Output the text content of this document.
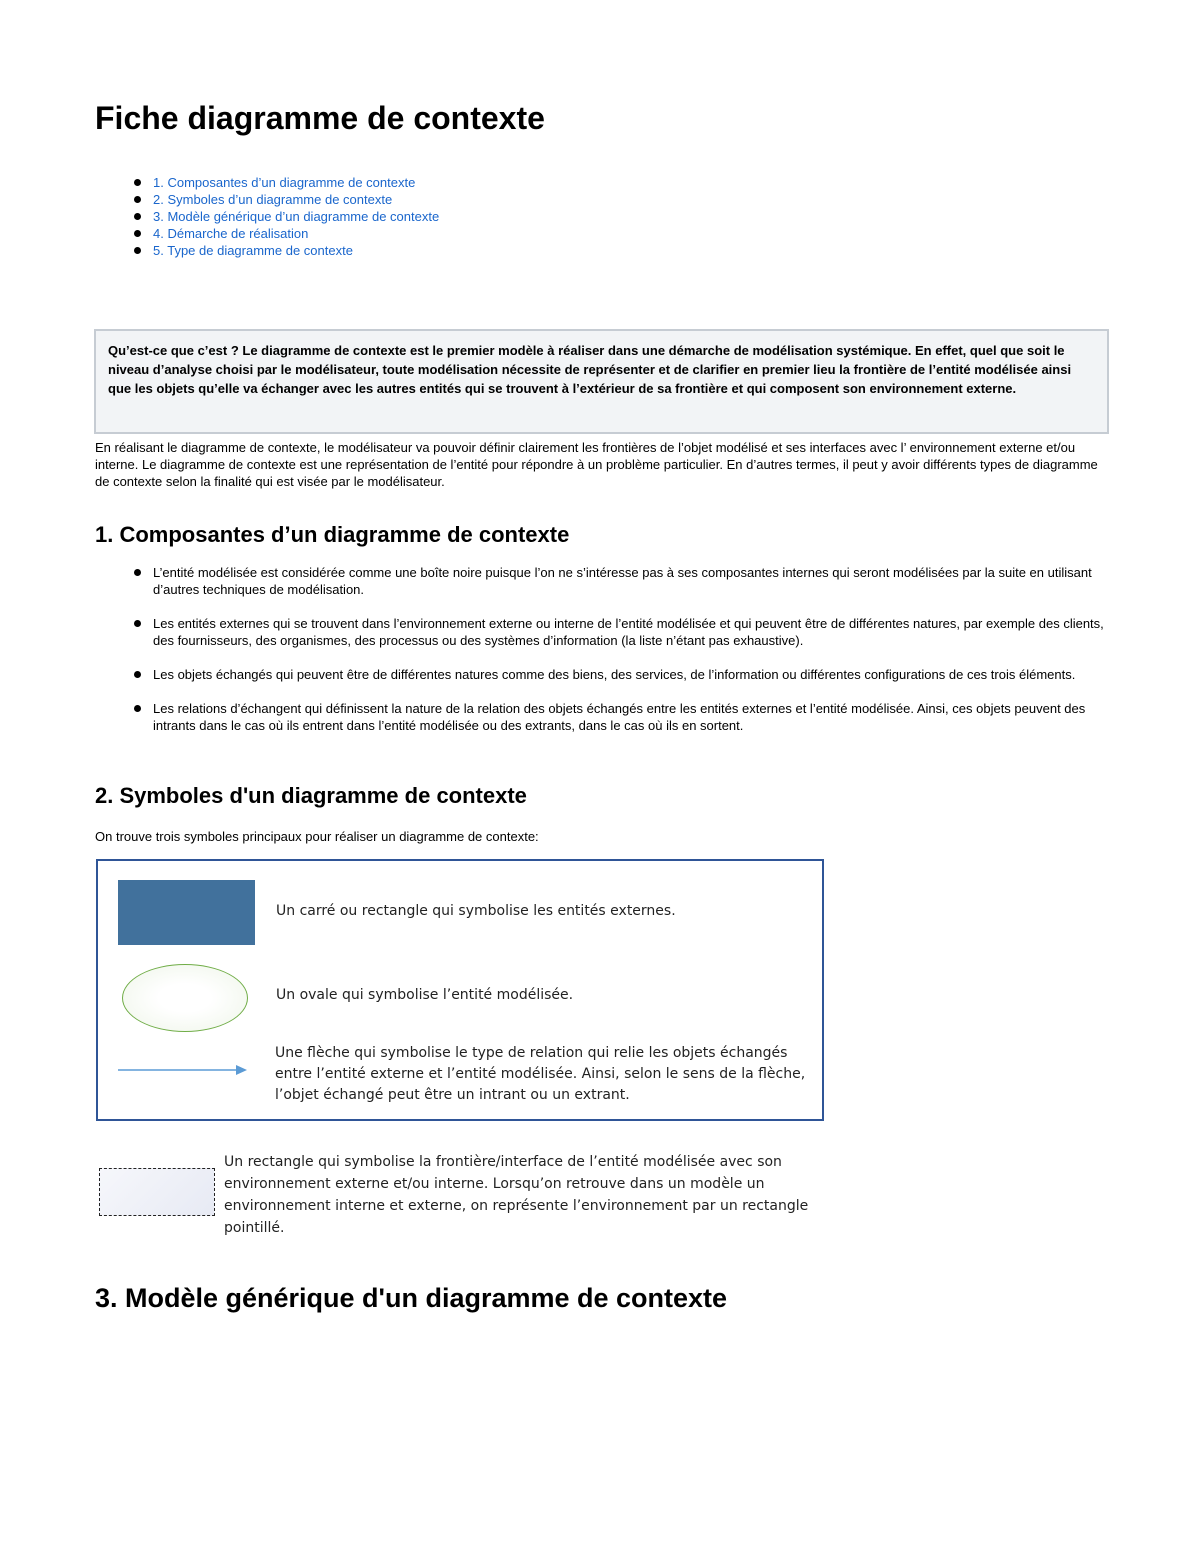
Fiche diagramme de contexte
1. Composantes d’un diagramme de contexte
2. Symboles d’un diagramme de contexte
3. Modèle générique d’un diagramme de contexte
4. Démarche de réalisation
5. Type de diagramme de contexte

Qu’est-ce que c’est ? Le diagramme de contexte est le premier modèle à réaliser dans une démarche de modélisation systémique. En effet, quel que soit le niveau d’analyse choisi par le modélisateur, toute modélisation nécessite de représenter et de clarifier en premier lieu la frontière de l’entité modélisée ainsi que les objets qu’elle va échanger avec les autres entités qui se trouvent à l’extérieur de sa frontière et qui composent son environnement externe.

En réalisant le diagramme de contexte, le modélisateur va pouvoir définir clairement les frontières de l’objet modélisé et ses interfaces avec l’ environnement externe et/ou interne. Le diagramme de contexte est une représentation de l’entité pour répondre à un problème particulier. En d’autres termes, il peut y avoir différents types de diagramme de contexte selon la finalité qui est visée par le modélisateur.

1. Composantes d’un diagramme de contexte
L’entité modélisée est considérée comme une boîte noire puisque l’on ne s’intéresse pas à ses composantes internes qui seront modélisées par la suite en utilisant d’autres techniques de modélisation.
Les entités externes qui se trouvent dans l’environnement externe ou interne de l’entité modélisée et qui peuvent être de différentes natures, par exemple des clients, des fournisseurs, des organismes, des processus ou des systèmes d’information (la liste n’étant pas exhaustive).
Les objets échangés qui peuvent être de différentes natures comme des biens, des services, de l’information ou différentes configurations de ces trois éléments.
Les relations d’échangent qui définissent la nature de la relation des objets échangés entre les entités externes et l’entité modélisée. Ainsi, ces objets peuvent des intrants dans le cas où ils entrent dans l’entité modélisée ou des extrants, dans le cas où ils en sortent.
2. Symboles d'un diagramme de contexte

On trouve trois symboles principaux pour réaliser un diagramme de contexte:

Un carré ou rectangle qui symbolise les entités externes.

Un ovale qui symbolise l’entité modélisée.

Une flèche qui symbolise le type de relation qui relie les objets échangés entre l’entité externe et l’entité modélisée. Ainsi, selon le sens de la flèche, l’objet échangé peut être un intrant ou un extrant.

Un rectangle qui symbolise la frontière/interface de l’entité modélisée avec son environnement externe et/ou interne. Lorsqu’on retrouve dans un modèle un environnement interne et externe, on représente l’environnement par un rectangle pointillé.

3. Modèle générique d'un diagramme de contexte
